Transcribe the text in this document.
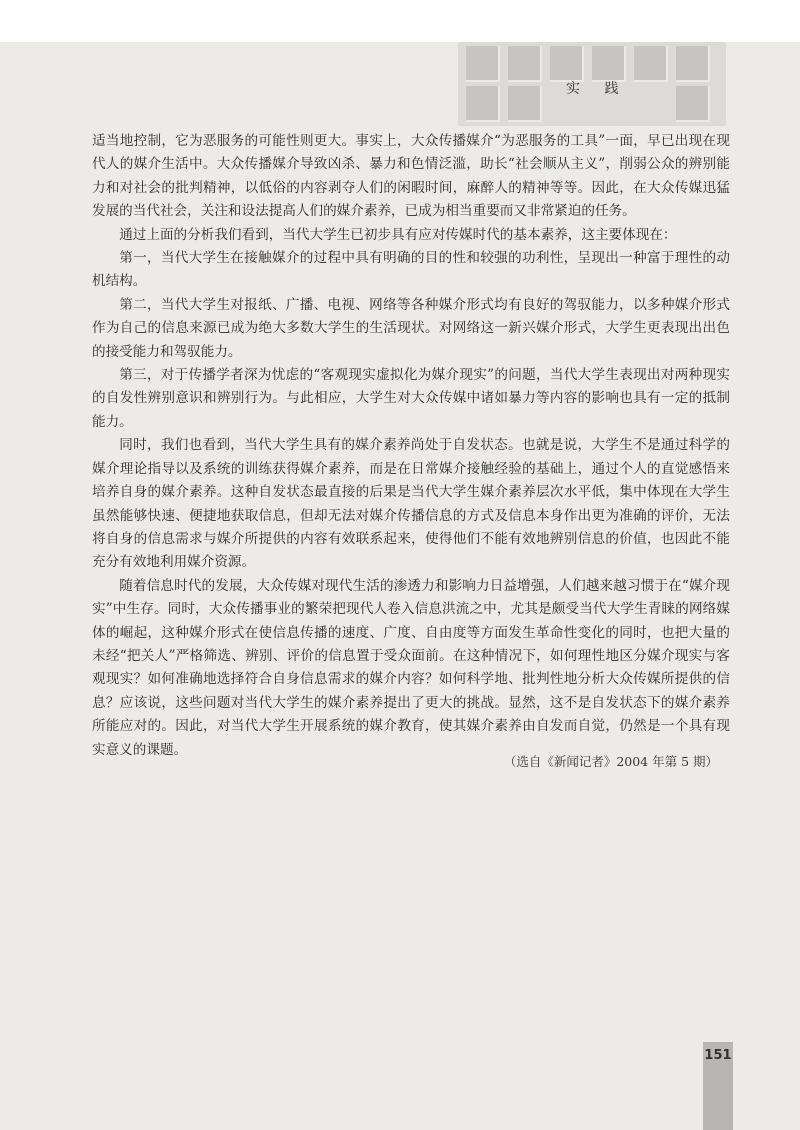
实 践

适当地控制，它为恶服务的可能性则更大。事实上，大众传播媒介“为恶服务的工具”一面，早已出现在现代人的媒介生活中。大众传播媒介导致凶杀、暴力和色情泛滥，助长“社会顺从主义”，削弱公众的辨别能力和对社会的批判精神，以低俗的内容剥夺人们的闲暇时间，麻醉人的精神等等。因此，在大众传媒迅猛发展的当代社会，关注和设法提高人们的媒介素养，已成为相当重要而又非常紧迫的任务。

通过上面的分析我们看到，当代大学生已初步具有应对传媒时代的基本素养，这主要体现在：

第一，当代大学生在接触媒介的过程中具有明确的目的性和较强的功利性，呈现出一种富于理性的动机结构。

第二，当代大学生对报纸、广播、电视、网络等各种媒介形式均有良好的驾驭能力，以多种媒介形式作为自己的信息来源已成为绝大多数大学生的生活现状。对网络这一新兴媒介形式，大学生更表现出出色的接受能力和驾驭能力。

第三，对于传播学者深为忧虑的“客观现实虚拟化为媒介现实”的问题，当代大学生表现出对两种现实的自发性辨别意识和辨别行为。与此相应，大学生对大众传媒中诸如暴力等内容的影响也具有一定的抵制能力。

同时，我们也看到，当代大学生具有的媒介素养尚处于自发状态。也就是说，大学生不是通过科学的媒介理论指导以及系统的训练获得媒介素养，而是在日常媒介接触经验的基础上，通过个人的直觉感悟来培养自身的媒介素养。这种自发状态最直接的后果是当代大学生媒介素养层次水平低，集中体现在大学生虽然能够快速、便捷地获取信息，但却无法对媒介传播信息的方式及信息本身作出更为准确的评价，无法将自身的信息需求与媒介所提供的内容有效联系起来，使得他们不能有效地辨别信息的价值，也因此不能充分有效地利用媒介资源。

随着信息时代的发展，大众传媒对现代生活的渗透力和影响力日益增强，人们越来越习惯于在“媒介现实”中生存。同时，大众传播事业的繁荣把现代人卷入信息洪流之中，尤其是颇受当代大学生青睐的网络媒体的崛起，这种媒介形式在使信息传播的速度、广度、自由度等方面发生革命性变化的同时，也把大量的未经“把关人”严格筛选、辨别、评价的信息置于受众面前。在这种情况下，如何理性地区分媒介现实与客观现实？如何准确地选择符合自身信息需求的媒介内容？如何科学地、批判性地分析大众传媒所提供的信息？应该说，这些问题对当代大学生的媒介素养提出了更大的挑战。显然，这不是自发状态下的媒介素养所能应对的。因此，对当代大学生开展系统的媒介教育，使其媒介素养由自发而自觉，仍然是一个具有现实意义的课题。

（选自《新闻记者》2004 年第 5 期）
151
